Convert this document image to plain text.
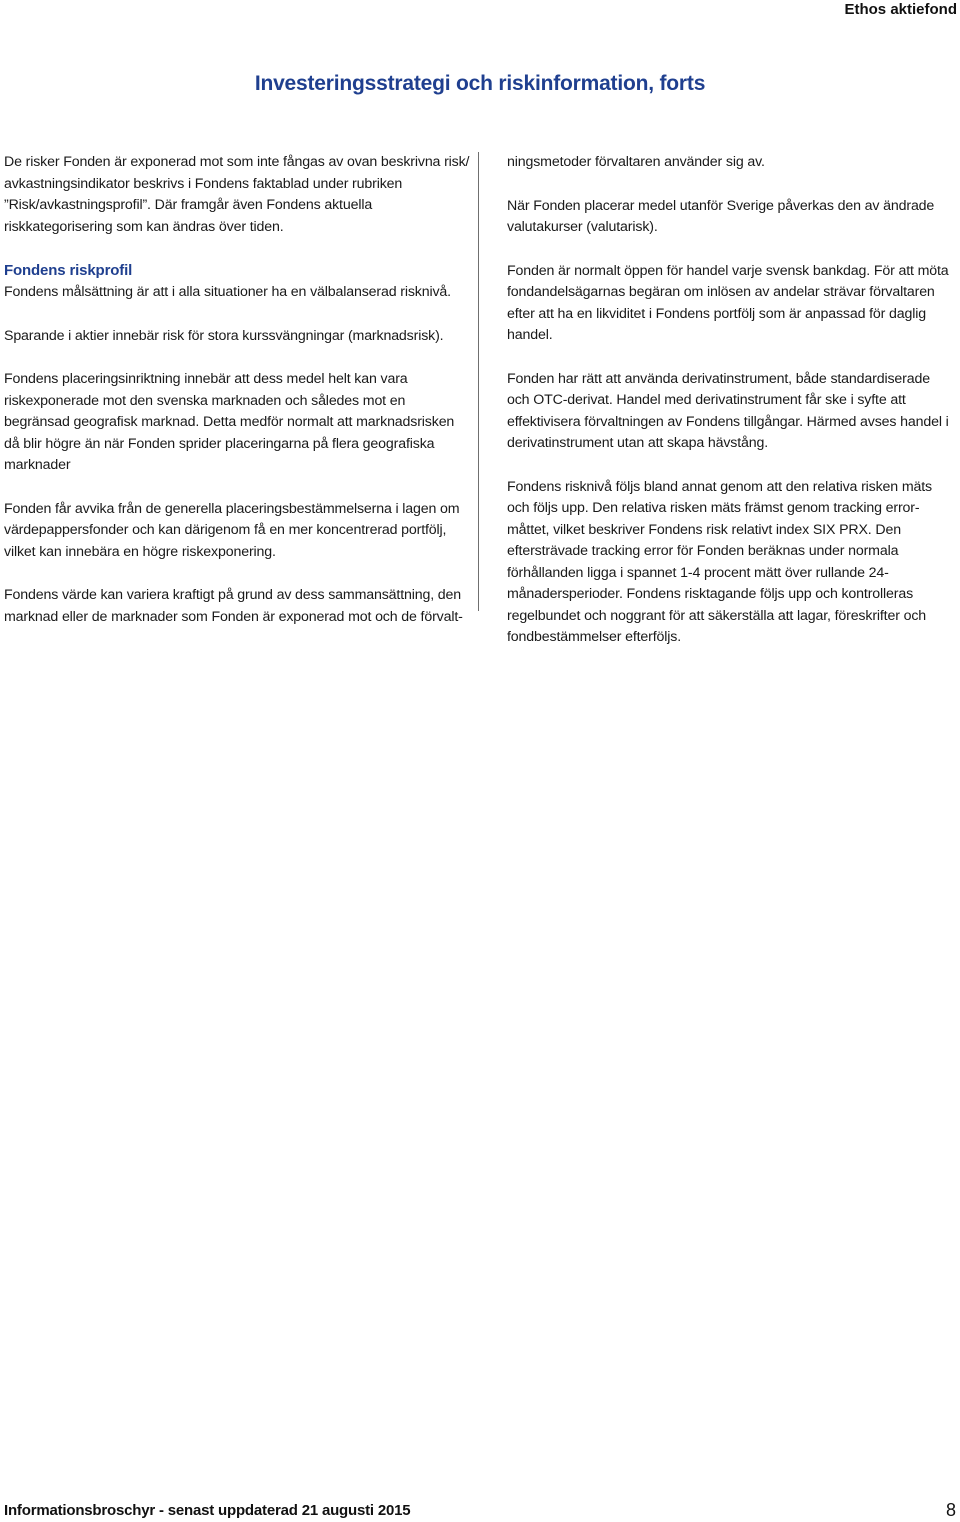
Ethos aktiefond
Investeringsstrategi och riskinformation, forts

De risker Fonden är exponerad mot som inte fångas av ovan beskrivna risk/ avkastningsindikator beskrivs i Fondens faktablad under rubriken ”Risk/avkastningsprofil”. Där framgår även Fondens aktuella riskkategorisering som kan ändras över tiden.

Fondens riskprofil

Fondens målsättning är att i alla situationer ha en välbalanserad risknivå.

Sparande i aktier innebär risk för stora kurssvängningar (marknadsrisk).

Fondens placeringsinriktning innebär att dess medel helt kan vara riskexponerade mot den svenska marknaden och således mot en begränsad geografisk marknad. Detta medför normalt att marknadsrisken då blir högre än när Fonden sprider placeringarna på flera geografiska marknader

Fonden får avvika från de generella placeringsbestämmelserna i lagen om värdepappersfonder och kan därigenom få en mer koncentrerad portfölj, vilket kan innebära en högre riskexponering.

Fondens värde kan variera kraftigt på grund av dess sammansättning, den marknad eller de marknader som Fonden är exponerad mot och de förvalt-

ningsmetoder förvaltaren använder sig av.

När Fonden placerar medel utanför Sverige påverkas den av ändrade valutakurser (valutarisk).

Fonden är normalt öppen för handel varje svensk bankdag. För att möta fondandelsägarnas begäran om inlösen av andelar strävar förvaltaren efter att ha en likviditet i Fondens portfölj som är anpassad för daglig handel.

Fonden har rätt att använda derivatinstrument, både standardiserade och OTC-derivat. Handel med derivatinstrument får ske i syfte att effektivisera förvaltningen av Fondens tillgångar. Härmed avses handel i derivatinstrument utan att skapa hävstång.

Fondens risknivå följs bland annat genom att den relativa risken mäts och följs upp. Den relativa risken mäts främst genom tracking error-måttet, vilket beskriver Fondens risk relativt index SIX PRX. Den eftersträvade tracking error för Fonden beräknas under normala förhållanden ligga i spannet 1-4 procent mätt över rullande 24-månadersperioder. Fondens risktagande följs upp och kontrolleras regelbundet och noggrant för att säkerställa att lagar, föreskrifter och fondbestämmelser efterföljs.

Informationsbroschyr - senast uppdaterad 21 augusti 2015	8
